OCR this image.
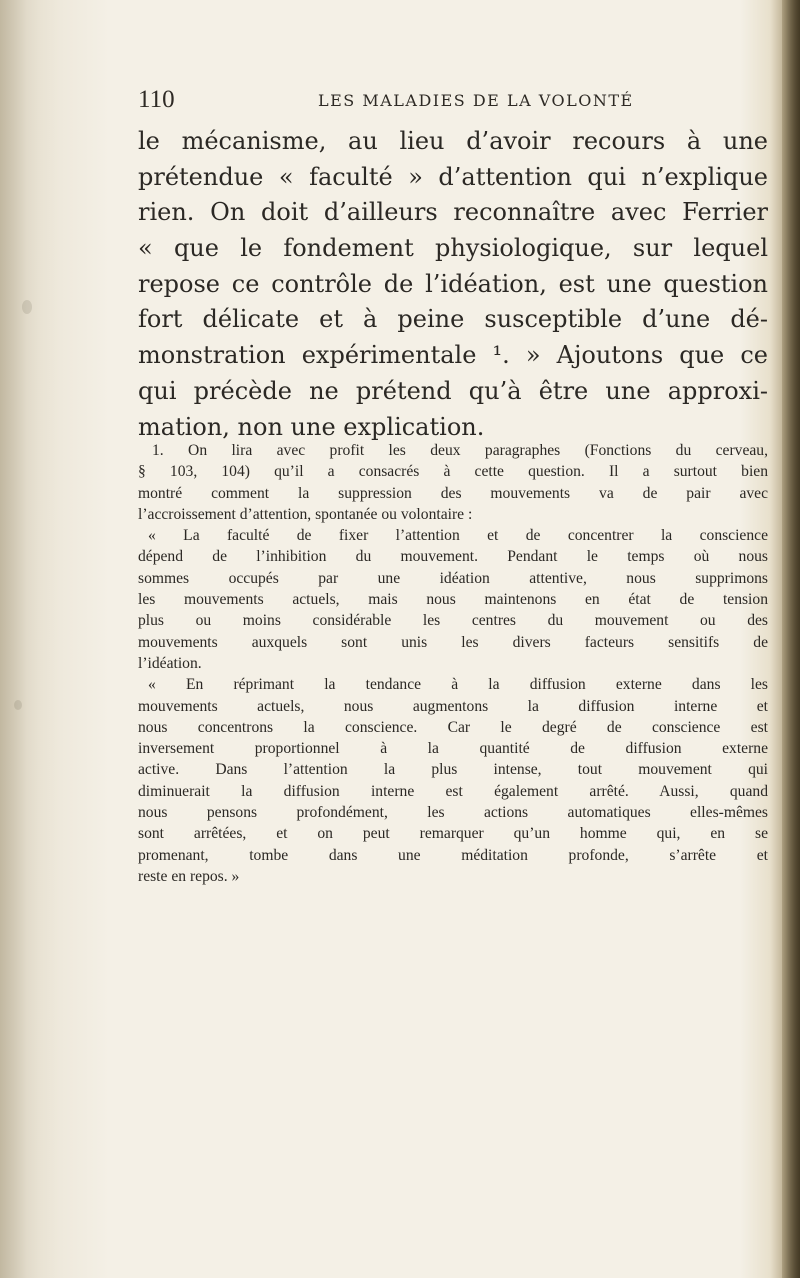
110	LES MALADIES DE LA VOLONTÉ
le mécanisme, au lieu d’avoir recours à une
prétendue « faculté » d’attention qui n’explique
rien. On doit d’ailleurs reconnaître avec Ferrier
« que le fondement physiologique, sur lequel
repose ce contrôle de l’idéation, est une question
fort délicate et à peine susceptible d’une dé-
monstration expérimentale ¹. » Ajoutons que ce
qui précède ne prétend qu’à être une approxi-
mation, non une explication.
1. On lira avec profit les deux paragraphes (Fonctions du cerveau,
§ 103, 104) qu’il a consacrés à cette question. Il a surtout bien
montré comment la suppression des mouvements va de pair avec
l’accroissement d’attention, spontanée ou volontaire :
« La faculté de fixer l’attention et de concentrer la conscience
dépend de l’inhibition du mouvement. Pendant le temps où nous
sommes occupés par une idéation attentive, nous supprimons
les mouvements actuels, mais nous maintenons en état de tension
plus ou moins considérable les centres du mouvement ou des
mouvements auxquels sont unis les divers facteurs sensitifs de
l’idéation.
« En réprimant la tendance à la diffusion externe dans les
mouvements actuels, nous augmentons la diffusion interne et
nous concentrons la conscience. Car le degré de conscience est
inversement proportionnel à la quantité de diffusion externe
active. Dans l’attention la plus intense, tout mouvement qui
diminuerait la diffusion interne est également arrêté. Aussi, quand
nous pensons profondément, les actions automatiques elles-mêmes
sont arrêtées, et on peut remarquer qu’un homme qui, en se
promenant, tombe dans une méditation profonde, s’arrête et
reste en repos. »
